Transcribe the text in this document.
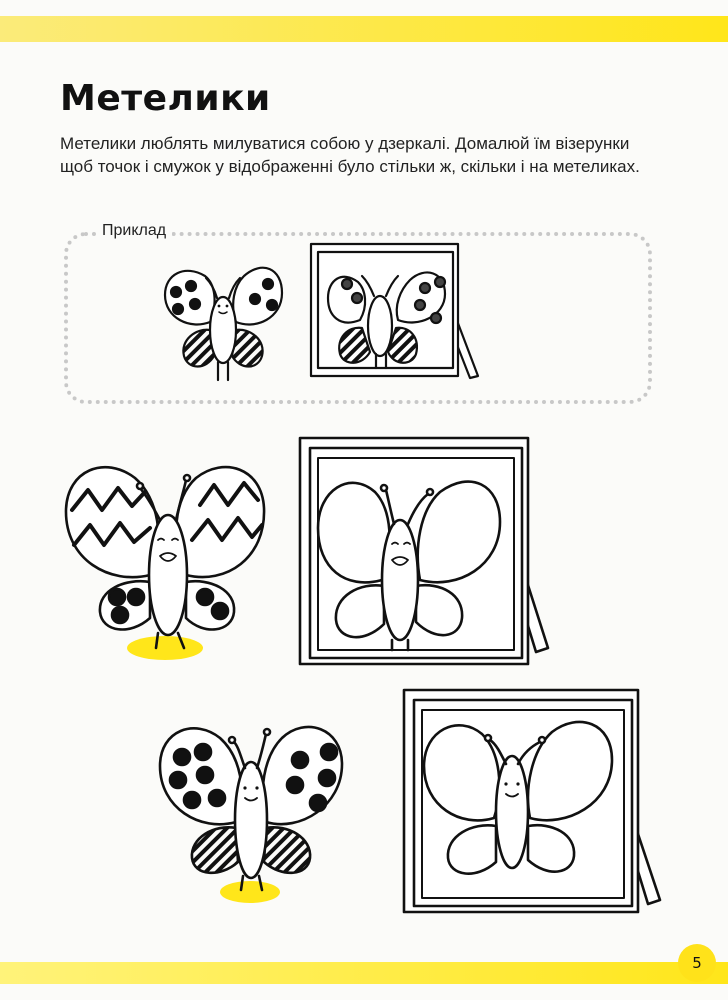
Метелики

Метелики люблять милуватися собою у дзеркалі. Домалюй їм візерунки щоб точок і смужок у відображенні було стільки ж, скільки і на метеликах.

Приклад
5
